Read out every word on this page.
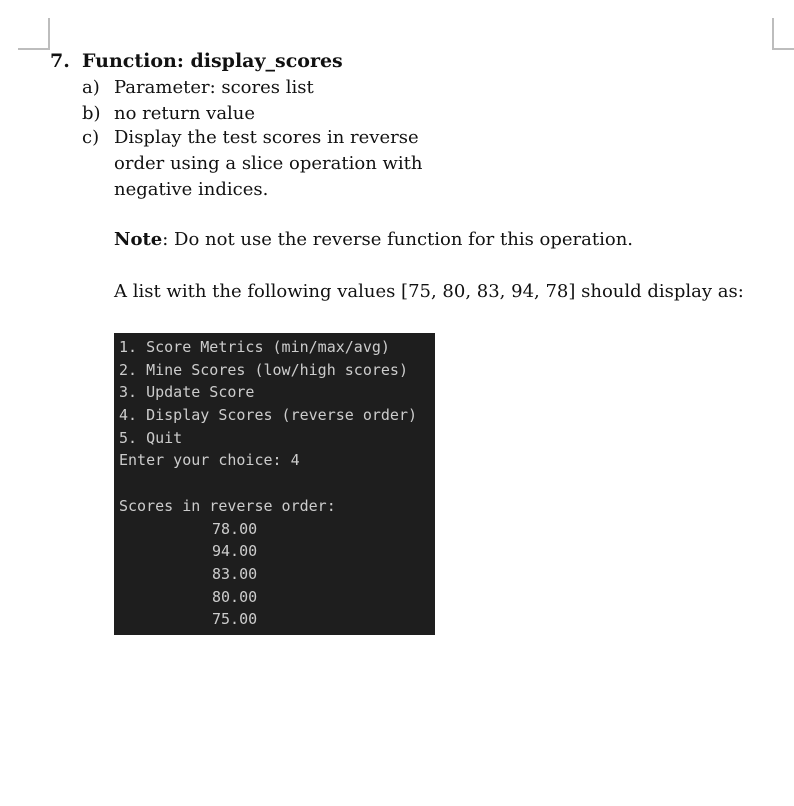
7. Function: display_scores
a) Parameter: scores list
b) no return value
c) Display the test scores in reverse
order using a slice operation with
negative indices.
Note: Do not use the reverse function for this operation.
A list with the following values [75, 80, 83, 94, 78] should display as:
1. Score Metrics (min/max/avg)
2. Mine Scores (low/high scores)
3. Update Score
4. Display Scores (reverse order)
5. Quit
Enter your choice: 4
Scores in reverse order:
78.00
94.00
83.00
80.00
75.00
